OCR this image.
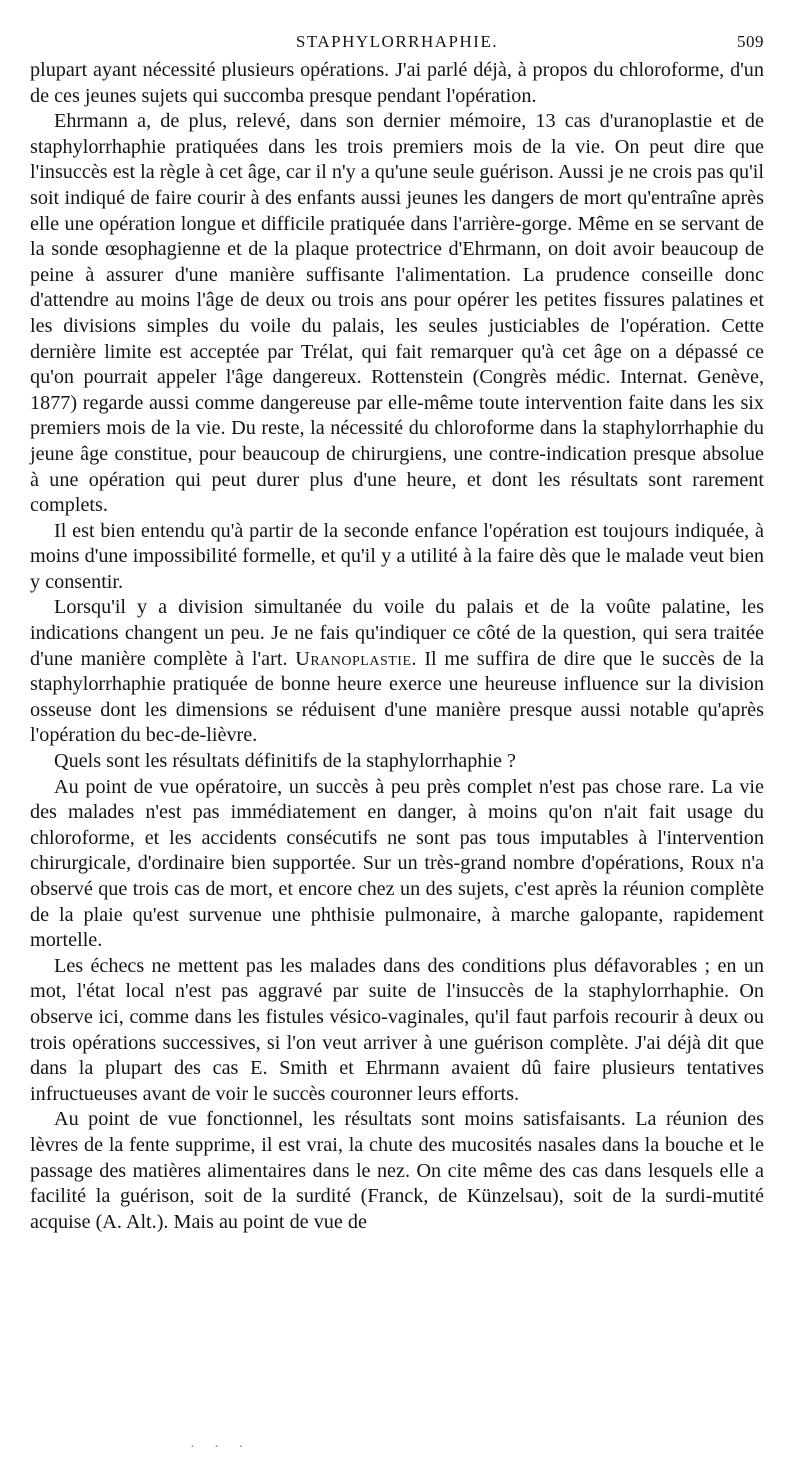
STAPHYLORRHAPHIE.	509

plupart ayant nécessité plusieurs opérations. J'ai parlé déjà, à propos du chloroforme, d'un de ces jeunes sujets qui succomba presque pendant l'opération.

Ehrmann a, de plus, relevé, dans son dernier mémoire, 13 cas d'uranoplastie et de staphylorrhaphie pratiquées dans les trois premiers mois de la vie. On peut dire que l'insuccès est la règle à cet âge, car il n'y a qu'une seule guérison. Aussi je ne crois pas qu'il soit indiqué de faire courir à des enfants aussi jeunes les dangers de mort qu'entraîne après elle une opération longue et difficile pratiquée dans l'arrière-gorge. Même en se servant de la sonde œsophagienne et de la plaque protectrice d'Ehrmann, on doit avoir beaucoup de peine à assurer d'une manière suffisante l'alimentation. La prudence conseille donc d'attendre au moins l'âge de deux ou trois ans pour opérer les petites fissures palatines et les divisions simples du voile du palais, les seules justiciables de l'opération. Cette dernière limite est acceptée par Trélat, qui fait remarquer qu'à cet âge on a dépassé ce qu'on pourrait appeler l'âge dangereux. Rottenstein (Congrès médic. Internat. Genève, 1877) regarde aussi comme dangereuse par elle-même toute intervention faite dans les six premiers mois de la vie. Du reste, la nécessité du chloroforme dans la staphylorrhaphie du jeune âge constitue, pour beaucoup de chirurgiens, une contre-indication presque absolue à une opération qui peut durer plus d'une heure, et dont les résultats sont rarement complets.

Il est bien entendu qu'à partir de la seconde enfance l'opération est toujours indiquée, à moins d'une impossibilité formelle, et qu'il y a utilité à la faire dès que le malade veut bien y consentir.

Lorsqu'il y a division simultanée du voile du palais et de la voûte palatine, les indications changent un peu. Je ne fais qu'indiquer ce côté de la question, qui sera traitée d'une manière complète à l'art. Uranoplastie. Il me suffira de dire que le succès de la staphylorrhaphie pratiquée de bonne heure exerce une heureuse influence sur la division osseuse dont les dimensions se réduisent d'une manière presque aussi notable qu'après l'opération du bec-de-lièvre.

Quels sont les résultats définitifs de la staphylorrhaphie ?

Au point de vue opératoire, un succès à peu près complet n'est pas chose rare. La vie des malades n'est pas immédiatement en danger, à moins qu'on n'ait fait usage du chloroforme, et les accidents consécutifs ne sont pas tous imputables à l'intervention chirurgicale, d'ordinaire bien supportée. Sur un très-grand nombre d'opérations, Roux n'a observé que trois cas de mort, et encore chez un des sujets, c'est après la réunion complète de la plaie qu'est survenue une phthisie pulmonaire, à marche galopante, rapidement mortelle.

Les échecs ne mettent pas les malades dans des conditions plus défavorables ; en un mot, l'état local n'est pas aggravé par suite de l'insuccès de la staphylorrhaphie. On observe ici, comme dans les fistules vésico-vaginales, qu'il faut parfois recourir à deux ou trois opérations successives, si l'on veut arriver à une guérison complète. J'ai déjà dit que dans la plupart des cas E. Smith et Ehrmann avaient dû faire plusieurs tentatives infructueuses avant de voir le succès couronner leurs efforts.

Au point de vue fonctionnel, les résultats sont moins satisfaisants. La réunion des lèvres de la fente supprime, il est vrai, la chute des mucosités nasales dans la bouche et le passage des matières alimentaires dans le nez. On cite même des cas dans lesquels elle a facilité la guérison, soit de la surdité (Franck, de Künzelsau), soit de la surdi-mutité acquise (A. Alt.). Mais au point de vue de

· · ·
